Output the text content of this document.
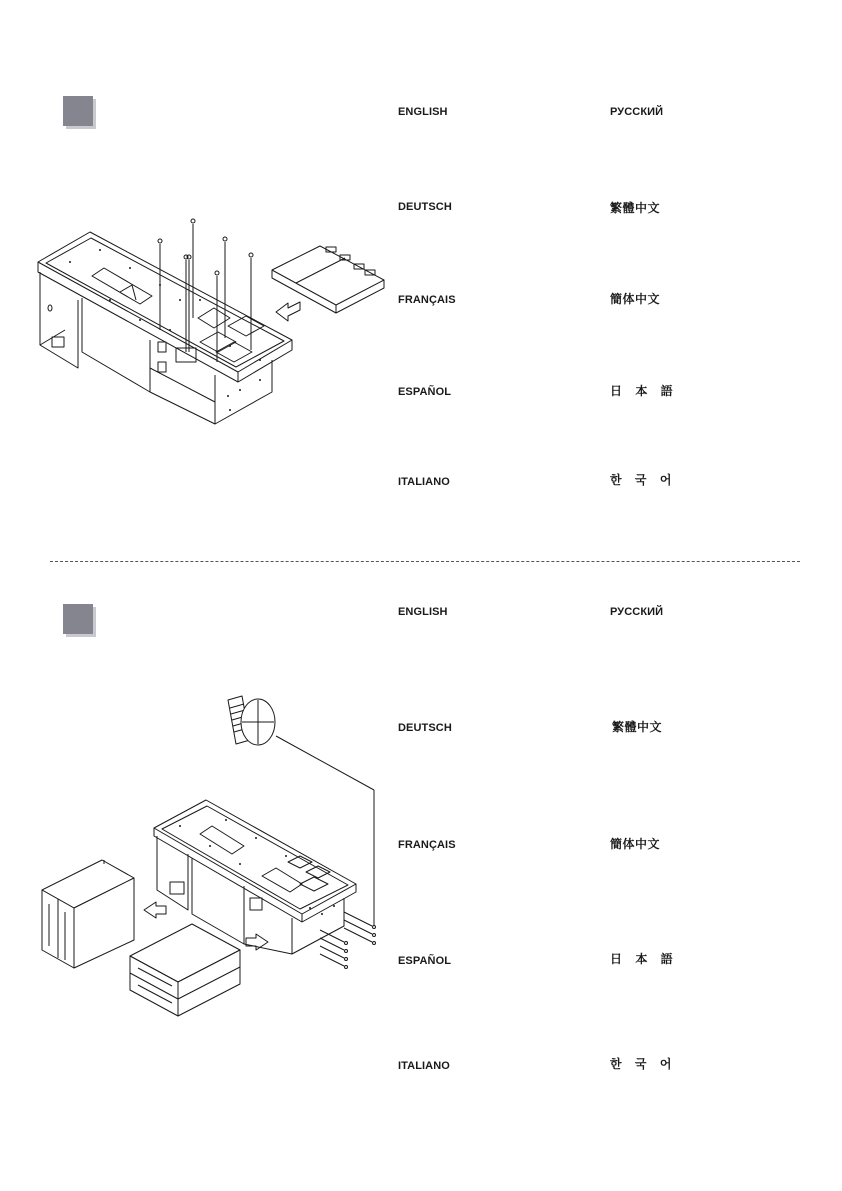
ENGLISH	РУССКИЙ
DEUTSCH	繁體中文
FRANÇAIS	簡体中文
ESPAÑOL	日 本 語
ITALIANO	한 국 어
ENGLISH	РУССКИЙ
DEUTSCH	繁體中文
FRANÇAIS	簡体中文
ESPAÑOL	日 本 語
ITALIANO	한 국 어
